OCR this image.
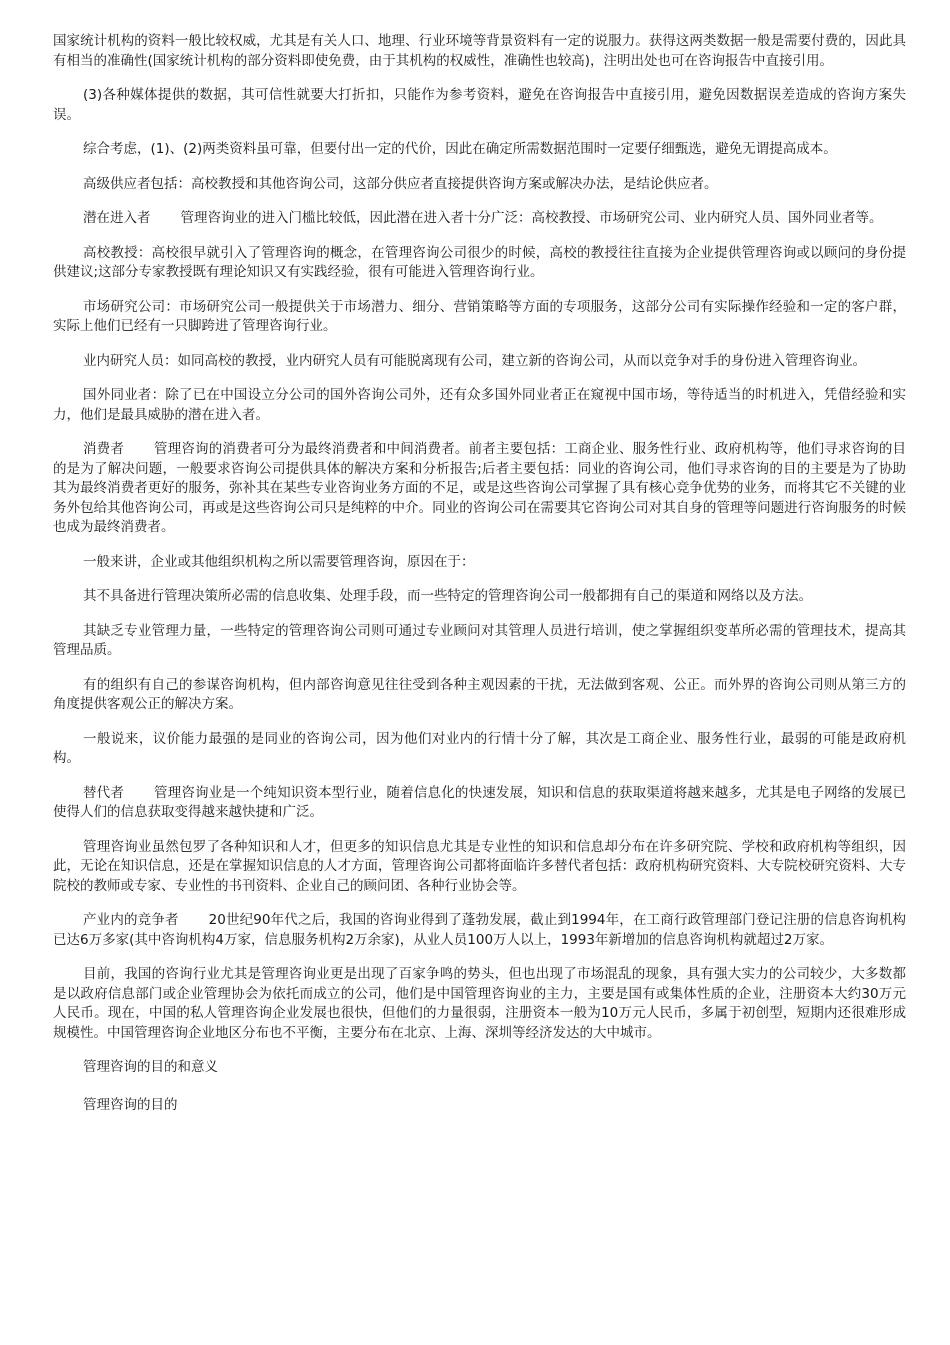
国家统计机构的资料一般比较权威，尤其是有关人口、地理、行业环境等背景资料有一定的说服力。获得这两类数据一般是需要付费的，因此具有相当的准确性(国家统计机构的部分资料即使免费，由于其机构的权威性，准确性也较高)，注明出处也可在咨询报告中直接引用。

(3)各种媒体提供的数据，其可信性就要大打折扣，只能作为参考资料，避免在咨询报告中直接引用，避免因数据误差造成的咨询方案失误。

综合考虑，(1)、(2)两类资料虽可靠，但要付出一定的代价，因此在确定所需数据范围时一定要仔细甄选，避免无谓提高成本。

高级供应者包括：高校教授和其他咨询公司，这部分供应者直接提供咨询方案或解决办法，是结论供应者。

潜在进入者 管理咨询业的进入门槛比较低，因此潜在进入者十分广泛：高校教授、市场研究公司、业内研究人员、国外同业者等。

高校教授：高校很早就引入了管理咨询的概念，在管理咨询公司很少的时候，高校的教授往往直接为企业提供管理咨询或以顾问的身份提供建议;这部分专家教授既有理论知识又有实践经验，很有可能进入管理咨询行业。

市场研究公司：市场研究公司一般提供关于市场潜力、细分、营销策略等方面的专项服务，这部分公司有实际操作经验和一定的客户群，实际上他们已经有一只脚跨进了管理咨询行业。

业内研究人员：如同高校的教授，业内研究人员有可能脱离现有公司，建立新的咨询公司，从而以竞争对手的身份进入管理咨询业。

国外同业者：除了已在中国设立分公司的国外咨询公司外，还有众多国外同业者正在窥视中国市场，等待适当的时机进入，凭借经验和实力，他们是最具威胁的潜在进入者。

消费者 管理咨询的消费者可分为最终消费者和中间消费者。前者主要包括：工商企业、服务性行业、政府机构等，他们寻求咨询的目的是为了解决问题，一般要求咨询公司提供具体的解决方案和分析报告;后者主要包括：同业的咨询公司，他们寻求咨询的目的主要是为了协助其为最终消费者更好的服务，弥补其在某些专业咨询业务方面的不足，或是这些咨询公司掌握了具有核心竞争优势的业务，而将其它不关键的业务外包给其他咨询公司，再或是这些咨询公司只是纯粹的中介。同业的咨询公司在需要其它咨询公司对其自身的管理等问题进行咨询服务的时候也成为最终消费者。

一般来讲，企业或其他组织机构之所以需要管理咨询，原因在于：

其不具备进行管理决策所必需的信息收集、处理手段，而一些特定的管理咨询公司一般都拥有自己的渠道和网络以及方法。

其缺乏专业管理力量，一些特定的管理咨询公司则可通过专业顾问对其管理人员进行培训，使之掌握组织变革所必需的管理技术，提高其管理品质。

有的组织有自己的参谋咨询机构，但内部咨询意见往往受到各种主观因素的干扰，无法做到客观、公正。而外界的咨询公司则从第三方的角度提供客观公正的解决方案。

一般说来，议价能力最强的是同业的咨询公司，因为他们对业内的行情十分了解，其次是工商企业、服务性行业，最弱的可能是政府机构。

替代者 管理咨询业是一个纯知识资本型行业，随着信息化的快速发展，知识和信息的获取渠道将越来越多，尤其是电子网络的发展已使得人们的信息获取变得越来越快捷和广泛。

管理咨询业虽然包罗了各种知识和人才，但更多的知识信息尤其是专业性的知识和信息却分布在许多研究院、学校和政府机构等组织，因此，无论在知识信息，还是在掌握知识信息的人才方面，管理咨询公司都将面临许多替代者包括：政府机构研究资料、大专院校研究资料、大专院校的教师或专家、专业性的书刊资料、企业自己的顾问团、各种行业协会等。

产业内的竞争者 20世纪90年代之后，我国的咨询业得到了蓬勃发展，截止到1994年，在工商行政管理部门登记注册的信息咨询机构已达6万多家(其中咨询机构4万家，信息服务机构2万余家)，从业人员100万人以上，1993年新增加的信息咨询机构就超过2万家。

目前，我国的咨询行业尤其是管理咨询业更是出现了百家争鸣的势头，但也出现了市场混乱的现象，具有强大实力的公司较少，大多数都是以政府信息部门或企业管理协会为依托而成立的公司，他们是中国管理咨询业的主力，主要是国有或集体性质的企业，注册资本大约30万元人民币。现在，中国的私人管理咨询企业发展也很快，但他们的力量很弱，注册资本一般为10万元人民币，多属于初创型，短期内还很难形成规模性。中国管理咨询企业地区分布也不平衡，主要分布在北京、上海、深圳等经济发达的大中城市。

管理咨询的目的和意义

管理咨询的目的
